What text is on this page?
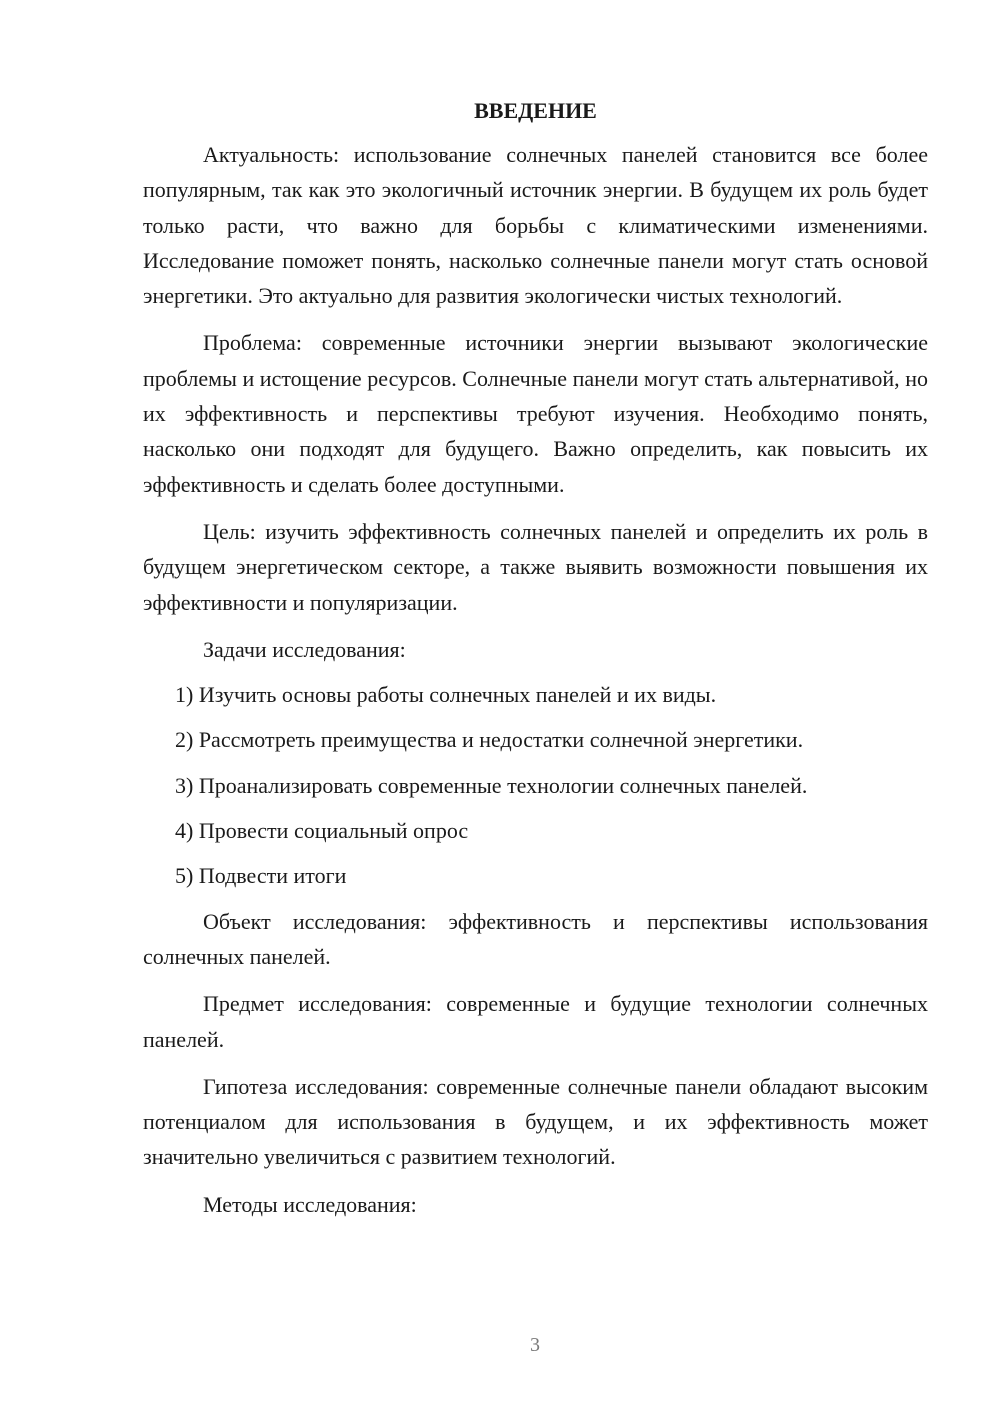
ВВЕДЕНИЕ

Актуальность: использование солнечных панелей становится все более популярным, так как это экологичный источник энергии. В будущем их роль будет только расти, что важно для борьбы с климатическими изменениями. Исследование поможет понять, насколько солнечные панели могут стать основой энергетики. Это актуально для развития экологически чистых технологий.

Проблема: современные источники энергии вызывают экологические проблемы и истощение ресурсов. Солнечные панели могут стать альтернативой, но их эффективность и перспективы требуют изучения. Необходимо понять, насколько они подходят для будущего. Важно определить, как повысить их эффективность и сделать более доступными.

Цель: изучить эффективность солнечных панелей и определить их роль в будущем энергетическом секторе, а также выявить возможности повышения их эффективности и популяризации.

Задачи исследования:

1) Изучить основы работы солнечных панелей и их виды.
2) Рассмотреть преимущества и недостатки солнечной энергетики.
3) Проанализировать современные технологии солнечных панелей.
4) Провести социальный опрос
5) Подвести итоги

Объект исследования: эффективность и перспективы использования солнечных панелей.

Предмет исследования: современные и будущие технологии солнечных панелей.

Гипотеза исследования: современные солнечные панели обладают высоким потенциалом для использования в будущем, и их эффективность может значительно увеличиться с развитием технологий.

Методы исследования:

3
